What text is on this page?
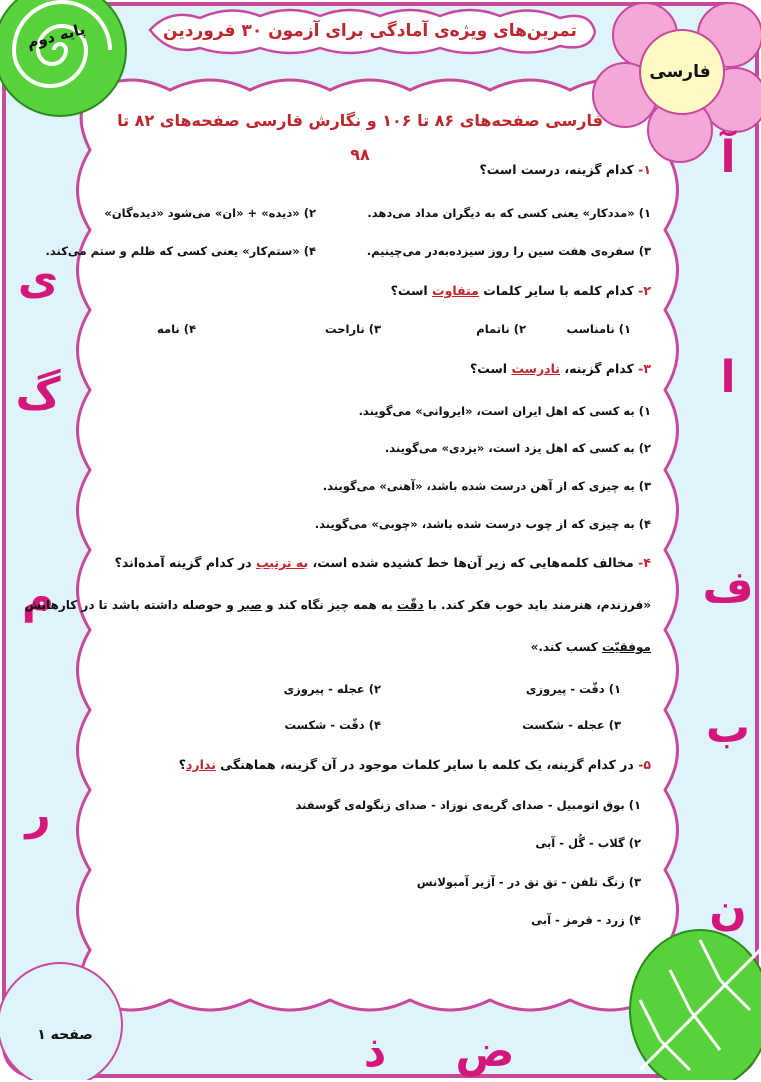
تمرین‌های ویژه‌ی آمادگی برای آزمون ۳۰ فروردین
پایه دوم
فارسی
فارسی صفحه‌های ۸۶ تا ۱۰۶ و نگارش فارسی صفحه‌های ۸۲ تا ۹۸	آ
ا
ف
ب
ن
ی
گ
م
ر
ض
ذ
صفحه ۱
۱- کدام گزینه، درست است؟
۱) «مددکار» یعنی کسی که به دیگران مداد می‌دهد.
۲) «دیده» + «ان» می‌شود «دیده‌گان»
۳) سفره‌ی هفت سین را روز سیزده‌به‌در می‌چینیم.
۴) «ستم‌کار» یعنی کسی که ظلم و ستم می‌کند.
۲- کدام کلمه با سایر کلمات متفاوت است؟
۱) نامناسب
۲) ناتمام
۳) ناراحت
۴) نامه
۳- کدام گزینه، نادرست است؟
۱) به کسی که اهل ایران است، «ایروانی» می‌گویند.
۲) به کسی که اهل یزد است، «یزدی» می‌گویند.
۳) به چیزی که از آهن درست شده باشد، «آهنی» می‌گویند.
۴) به چیزی که از چوب درست شده باشد، «چوبی» می‌گویند.
۴- مخالف کلمه‌هایی که زیر آن‌ها خط کشیده شده است، به ترتیب در کدام گزینه آمده‌اند؟
«فرزندم، هنرمند باید خوب فکر کند. با دقّت به همه چیز نگاه کند و صبر و حوصله داشته باشد تا در کارهایش
موفقیّت کسب کند.»
۱) دقّت - پیروزی
۲) عجله - پیروزی
۳) عجله - شکست
۴) دقّت - شکست
۵- در کدام گزینه، یک کلمه با سایر کلمات موجود در آن گزینه، هماهنگی ندارد؟
۱) بوق اتومبیل - صدای گریه‌ی نوزاد - صدای زنگوله‌ی گوسفند
۲) گلاب - گُل - آبی
۳) زنگ تلفن - تق تق در - آژیر آمبولانس
۴) زرد - قرمز - آبی
